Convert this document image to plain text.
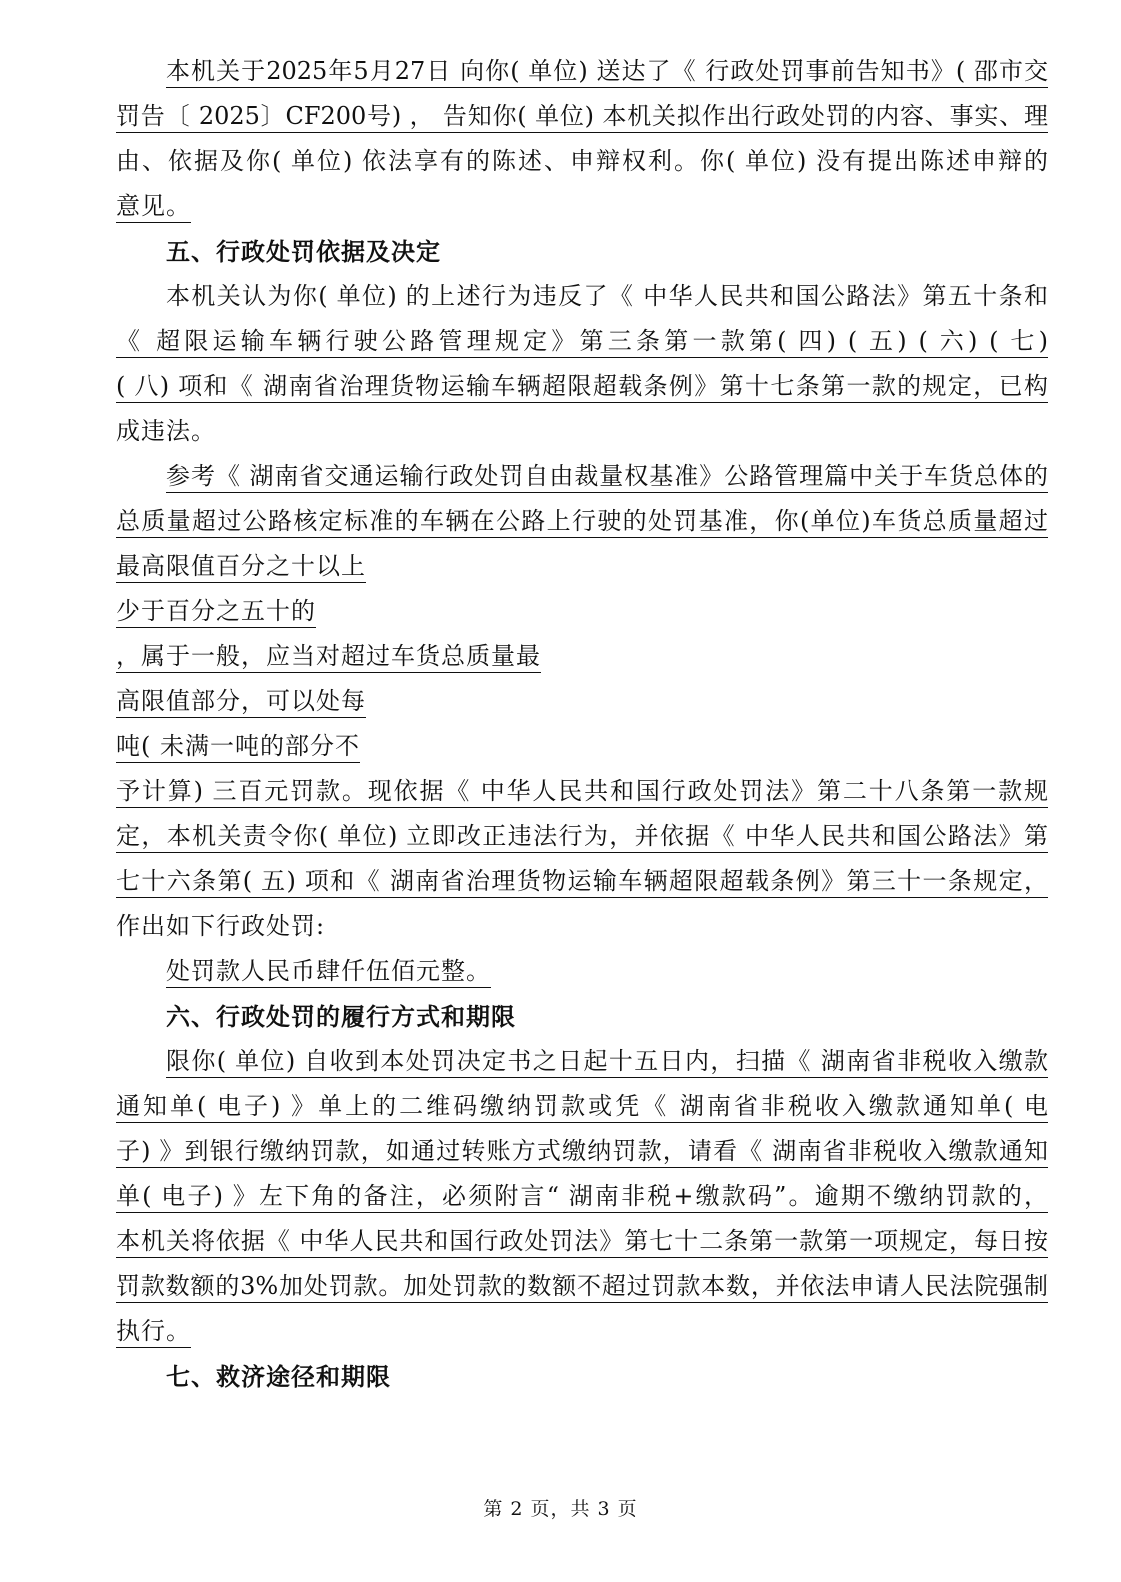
本机关于2025年5月27日 向你( 单位) 送达了《 行政处罚事前告知书》( 邵市交
罚告〔 2025〕CF200号) ， 告知你( 单位) 本机关拟作出行政处罚的内容、事实、理
由、依据及你( 单位) 依法享有的陈述、申辩权利。你( 单位) 没有提出陈述申辩的
意见。
五、行政处罚依据及决定
本机关认为你( 单位) 的上述行为违反了《 中华人民共和国公路法》第五十条和
《 超限运输车辆行驶公路管理规定》第三条第一款第( 四) ( 五) ( 六) ( 七)
( 八) 项和《 湖南省治理货物运输车辆超限超载条例》第十七条第一款的规定，已构
成违法。
参考《 湖南省交通运输行政处罚自由裁量权基准》公路管理篇中关于车货总体的
总质量超过公路核定标准的车辆在公路上行驶的处罚基准，你(单位)车货总质量超过
最高限值百分之十以上
少于百分之五十的
，属于一般，应当对超过车货总质量最
高限值部分，可以处每
吨( 未满一吨的部分不
予计算) 三百元罚款。现依据《 中华人民共和国行政处罚法》第二十八条第一款规
定，本机关责令你( 单位) 立即改正违法行为，并依据《 中华人民共和国公路法》第
七十六条第( 五) 项和《 湖南省治理货物运输车辆超限超载条例》第三十一条规定，
作出如下行政处罚:
处罚款人民币肆仟伍佰元整。
六、行政处罚的履行方式和期限
限你( 单位) 自收到本处罚决定书之日起十五日内，扫描《 湖南省非税收入缴款
通知单( 电子) 》单上的二维码缴纳罚款或凭《 湖南省非税收入缴款通知单( 电
子) 》到银行缴纳罚款，如通过转账方式缴纳罚款，请看《 湖南省非税收入缴款通知
单( 电子) 》左下角的备注，必须附言“ 湖南非税+缴款码”。逾期不缴纳罚款的，
本机关将依据《 中华人民共和国行政处罚法》第七十二条第一款第一项规定，每日按
罚款数额的3%加处罚款。加处罚款的数额不超过罚款本数，并依法申请人民法院强制
执行。
七、救济途径和期限
第 2 页，共 3 页
